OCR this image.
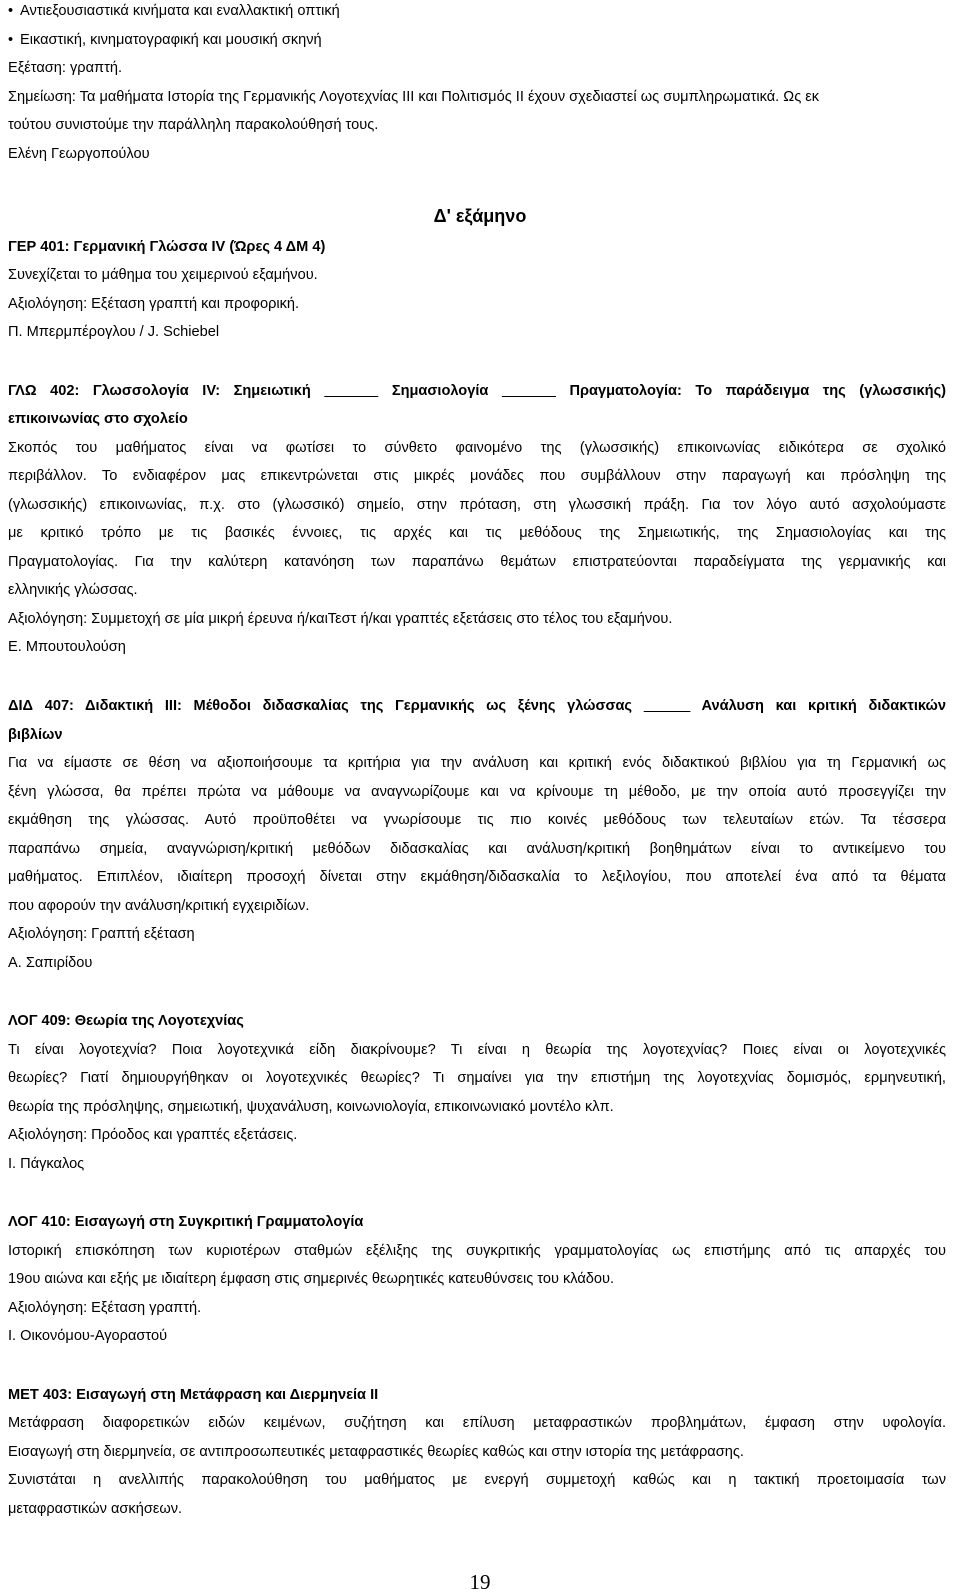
• Αντιεξουσιαστικά κινήματα και εναλλακτική οπτική
• Εικαστική, κινηματογραφική και μουσική σκηνή
Εξέταση: γραπτή.
Σημείωση: Τα μαθήματα Ιστορία της Γερμανικής Λογοτεχνίας ΙΙΙ και Πολιτισμός ΙΙ έχουν σχεδιαστεί ως συμπληρωματικά. Ως εκ
τούτου συνιστούμε την παράλληλη παρακολούθησή τους.
Ελένη Γεωργοπούλου
Δ' εξάμηνο
ΓΕΡ 401: Γερμανική Γλώσσα IV (Ώρες 4 ΔΜ 4)
Συνεχίζεται το μάθημα του χειμερινού εξαμήνου.
Αξιολόγηση: Εξέταση γραπτή και προφορική.
Π. Μπερμπέρογλου / J. Schiebel
ΓΛΩ 402: Γλωσσολογία IV: Σημειωτική	Σημασιολογία	Πραγματολογία: Το παράδειγμα της (γλωσσικής)
επικοινωνίας στο σχολείο
Σκοπός του μαθήματος είναι να φωτίσει το σύνθετο φαινομένο της (γλωσσικής) επικοινωνίας ειδικότερα σε σχολικό
περιβάλλον. Το ενδιαφέρον μας επικεντρώνεται στις μικρές μονάδες που συμβάλλουν στην παραγωγή και πρόσληψη της
(γλωσσικής) επικοινωνίας, π.χ. στο (γλωσσικό) σημείο, στην πρόταση, στη γλωσσική πράξη. Για τον λόγο αυτό ασχολούμαστε
με κριτικό τρόπο με τις βασικές έννοιες, τις αρχές και τις μεθόδους της Σημειωτικής, της Σημασιολογίας και της
Πραγματολογίας. Για την καλύτερη κατανόηση των παραπάνω θεμάτων επιστρατεύονται παραδείγματα της γερμανικής και
ελληνικής γλώσσας.
Αξιολόγηση: Συμμετοχή σε μία μικρή έρευνα ή/καιΤεστ ή/και γραπτές εξετάσεις στο τέλος του εξαμήνου.
Ε. Μπουτουλούση
ΔΙΔ 407: Διδακτική ΙΙΙ: Μέθοδοι διδασκαλίας της Γερμανικής ως ξένης γλώσσας	Ανάλυση και κριτική διδακτικών
βιβλίων
Για να είμαστε σε θέση να αξιοποιήσουμε τα κριτήρια για την ανάλυση και κριτική ενός διδακτικού βιβλίου για τη Γερμανική ως
ξένη γλώσσα, θα πρέπει πρώτα να μάθουμε να αναγνωρίζουμε και να κρίνουμε τη μέθοδο, με την οποία αυτό προσεγγίζει την
εκμάθηση της γλώσσας. Αυτό προϋποθέτει να γνωρίσουμε τις πιο κοινές μεθόδους των τελευταίων ετών. Τα τέσσερα
παραπάνω σημεία, αναγνώριση/κριτική μεθόδων διδασκαλίας και ανάλυση/κριτική βοηθημάτων είναι το αντικείμενο του
μαθήματος. Επιπλέον, ιδιαίτερη προσοχή δίνεται στην εκμάθηση/διδασκαλία το λεξιλογίου, που αποτελεί ένα από τα θέματα
που αφορούν την ανάλυση/κριτική εγχειριδίων.
Αξιολόγηση: Γραπτή εξέταση
Α. Σαπιρίδου
ΛΟΓ 409: Θεωρία της Λογοτεχνίας
Τι είναι λογοτεχνία? Ποια λογοτεχνικά είδη διακρίνουμε? Τι είναι η θεωρία της λογοτεχνίας? Ποιες είναι οι λογοτεχνικές
θεωρίες? Γιατί δημιουργήθηκαν οι λογοτεχνικές θεωρίες? Τι σημαίνει για την επιστήμη της λογοτεχνίας δομισμός, ερμηνευτική,
θεωρία της πρόσληψης, σημειωτική, ψυχανάλυση, κοινωνιολογία, επικοινωνιακό μοντέλο κλπ.
Αξιολόγηση: Πρόοδος και γραπτές εξετάσεις.
Ι. Πάγκαλος
ΛΟΓ 410: Εισαγωγή στη Συγκριτική Γραμματολογία
Ιστορική επισκόπηση των κυριοτέρων σταθμών εξέλιξης της συγκριτικής γραμματολογίας ως επιστήμης από τις απαρχές του
19ου αιώνα και εξής με ιδιαίτερη έμφαση στις σημερινές θεωρητικές κατευθύνσεις του κλάδου.
Αξιολόγηση: Εξέταση γραπτή.
Ι. Οικονόμου-Αγοραστού
ΜΕΤ 403: Εισαγωγή στη Μετάφραση και Διερμηνεία ΙΙ
Μετάφραση διαφορετικών ειδών κειμένων, συζήτηση και επίλυση μεταφραστικών προβλημάτων, έμφαση στην υφολογία.
Εισαγωγή στη διερμηνεία, σε αντιπροσωπευτικές μεταφραστικές θεωρίες καθώς και στην ιστορία της μετάφρασης.
Συνιστάται η ανελλιπής παρακολούθηση του μαθήματος με ενεργή συμμετοχή καθώς και η τακτική προετοιμασία των
μεταφραστικών ασκήσεων.
19
